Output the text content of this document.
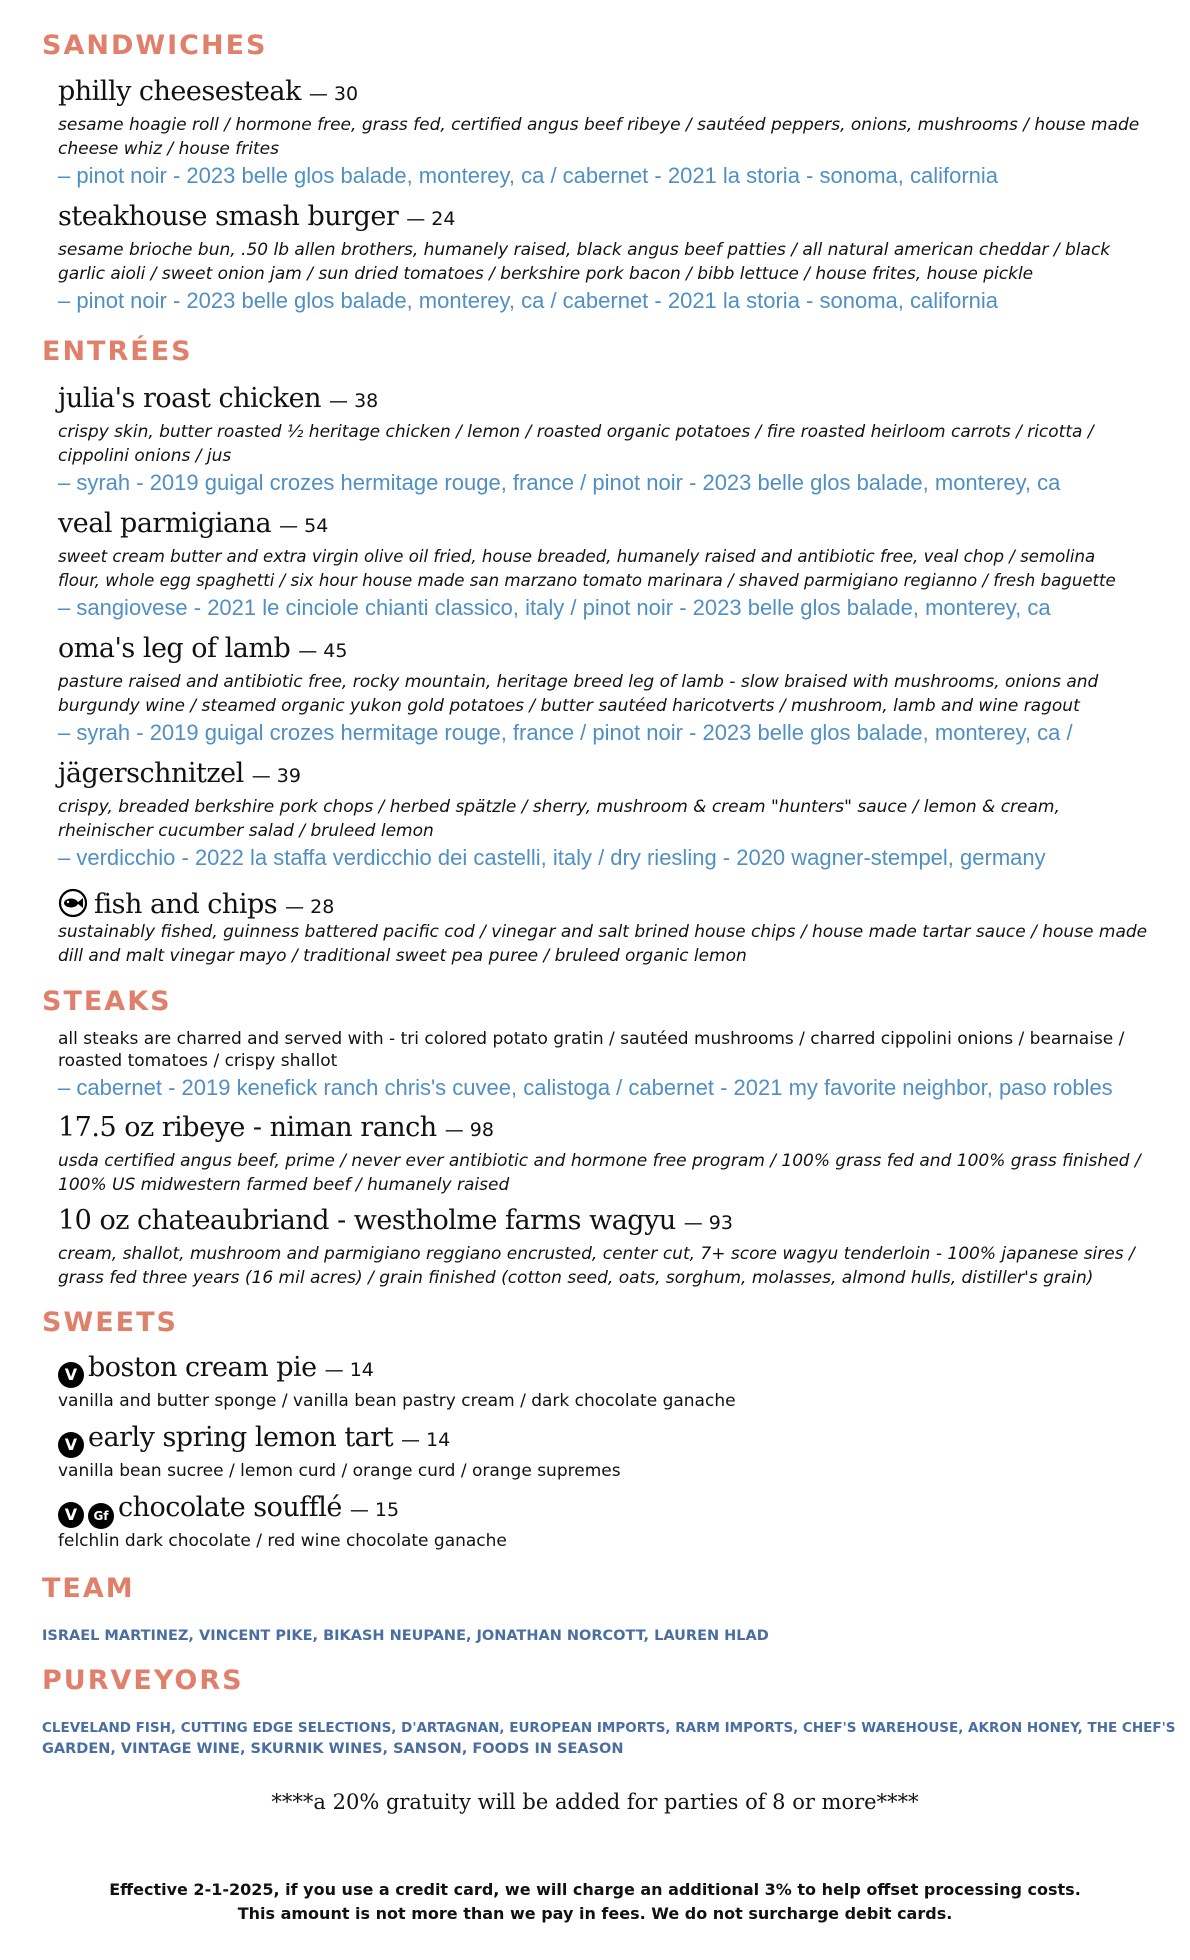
SANDWICHES
philly cheesesteak — 30
sesame hoagie roll / hormone free, grass fed, certified angus beef ribeye / sautéed peppers, onions, mushrooms / house made
cheese whiz / house frites
– pinot noir - 2023 belle glos balade, monterey, ca / cabernet - 2021 la storia - sonoma, california
steakhouse smash burger — 24
sesame brioche bun, .50 lb allen brothers, humanely raised, black angus beef patties / all natural american cheddar / black
garlic aioli / sweet onion jam / sun dried tomatoes / berkshire pork bacon / bibb lettuce / house frites, house pickle
– pinot noir - 2023 belle glos balade, monterey, ca / cabernet - 2021 la storia - sonoma, california
ENTRÉES
julia's roast chicken — 38
crispy skin, butter roasted ½ heritage chicken / lemon / roasted organic potatoes / fire roasted heirloom carrots / ricotta /
cippolini onions / jus
– syrah - 2019 guigal crozes hermitage rouge, france / pinot noir - 2023 belle glos balade, monterey, ca
veal parmigiana — 54
sweet cream butter and extra virgin olive oil fried, house breaded, humanely raised and antibiotic free, veal chop / semolina
flour, whole egg spaghetti / six hour house made san marzano tomato marinara / shaved parmigiano regianno / fresh baguette
– sangiovese - 2021 le cinciole chianti classico, italy / pinot noir - 2023 belle glos balade, monterey, ca
oma's leg of lamb — 45
pasture raised and antibiotic free, rocky mountain, heritage breed leg of lamb - slow braised with mushrooms, onions and
burgundy wine / steamed organic yukon gold potatoes / butter sautéed haricotverts / mushroom, lamb and wine ragout
– syrah - 2019 guigal crozes hermitage rouge, france / pinot noir - 2023 belle glos balade, monterey, ca /
jägerschnitzel — 39
crispy, breaded berkshire pork chops / herbed spätzle / sherry, mushroom & cream "hunters" sauce / lemon & cream,
rheinischer cucumber salad / bruleed lemon
– verdicchio - 2022 la staffa verdicchio dei castelli, italy / dry riesling - 2020 wagner-stempel, germany
fish and chips — 28
sustainably fished, guinness battered pacific cod / vinegar and salt brined house chips / house made tartar sauce / house made
dill and malt vinegar mayo / traditional sweet pea puree / bruleed organic lemon
STEAKS
all steaks are charred and served with - tri colored potato gratin / sautéed mushrooms / charred cippolini onions / bearnaise /
roasted tomatoes / crispy shallot
– cabernet - 2019 kenefick ranch chris's cuvee, calistoga / cabernet - 2021 my favorite neighbor, paso robles
17.5 oz ribeye - niman ranch — 98
usda certified angus beef, prime / never ever antibiotic and hormone free program / 100% grass fed and 100% grass finished /
100% US midwestern farmed beef / humanely raised
10 oz chateaubriand - westholme farms wagyu — 93
cream, shallot, mushroom and parmigiano reggiano encrusted, center cut, 7+ score wagyu tenderloin - 100% japanese sires /
grass fed three years (16 mil acres) / grain finished (cotton seed, oats, sorghum, molasses, almond hulls, distiller's grain)
SWEETS
V boston cream pie — 14
vanilla and butter sponge / vanilla bean pastry cream / dark chocolate ganache
V early spring lemon tart — 14
vanilla bean sucree / lemon curd / orange curd / orange supremes
V	Gf chocolate soufflé — 15
felchlin dark chocolate / red wine chocolate ganache
TEAM
ISRAEL MARTINEZ, VINCENT PIKE, BIKASH NEUPANE, JONATHAN NORCOTT, LAUREN HLAD
PURVEYORS
CLEVELAND FISH, CUTTING EDGE SELECTIONS, D'ARTAGNAN, EUROPEAN IMPORTS, RARM IMPORTS, CHEF'S WAREHOUSE, AKRON HONEY, THE CHEF'S
GARDEN, VINTAGE WINE, SKURNIK WINES, SANSON, FOODS IN SEASON
****a 20% gratuity will be added for parties of 8 or more****
Effective 2-1-2025, if you use a credit card, we will charge an additional 3% to help offset processing costs.
This amount is not more than we pay in fees. We do not surcharge debit cards.
